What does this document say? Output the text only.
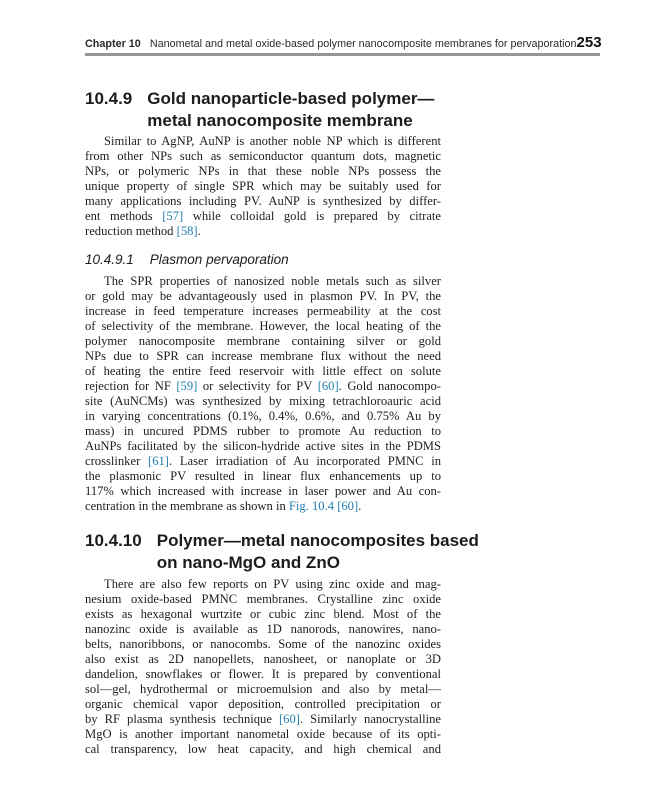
Chapter 10 Nanometal and metal oxide-based polymer nanocomposite membranes for pervaporation 253
10.4.9 Gold nanoparticle-based polymer—
metal nanocomposite membrane
Similar to AgNP, AuNP is another noble NP which is different
from other NPs such as semiconductor quantum dots, magnetic
NPs, or polymeric NPs in that these noble NPs possess the
unique property of single SPR which may be suitably used for
many applications including PV. AuNP is synthesized by differ-
ent methods [57] while colloidal gold is prepared by citrate
reduction method [58].
10.4.9.1 Plasmon pervaporation
The SPR properties of nanosized noble metals such as silver
or gold may be advantageously used in plasmon PV. In PV, the
increase in feed temperature increases permeability at the cost
of selectivity of the membrane. However, the local heating of the
polymer nanocomposite membrane containing silver or gold
NPs due to SPR can increase membrane flux without the need
of heating the entire feed reservoir with little effect on solute
rejection for NF [59] or selectivity for PV [60]. Gold nanocompo-
site (AuNCMs) was synthesized by mixing tetrachloroauric acid
in varying concentrations (0.1%, 0.4%, 0.6%, and 0.75% Au by
mass) in uncured PDMS rubber to promote Au reduction to
AuNPs facilitated by the silicon-hydride active sites in the PDMS
crosslinker [61]. Laser irradiation of Au incorporated PMNC in
the plasmonic PV resulted in linear flux enhancements up to
117% which increased with increase in laser power and Au con-
centration in the membrane as shown in Fig. 10.4 [60].
10.4.10 Polymer—metal nanocomposites based
on nano-MgO and ZnO
There are also few reports on PV using zinc oxide and mag-
nesium oxide-based PMNC membranes. Crystalline zinc oxide
exists as hexagonal wurtzite or cubic zinc blend. Most of the
nanozinc oxide is available as 1D nanorods, nanowires, nano-
belts, nanoribbons, or nanocombs. Some of the nanozinc oxides
also exist as 2D nanopellets, nanosheet, or nanoplate or 3D
dandelion, snowflakes or flower. It is prepared by conventional
sol—gel, hydrothermal or microemulsion and also by metal—
organic chemical vapor deposition, controlled precipitation or
by RF plasma synthesis technique [60]. Similarly nanocrystalline
MgO is another important nanometal oxide because of its opti-
cal transparency, low heat capacity, and high chemical and
